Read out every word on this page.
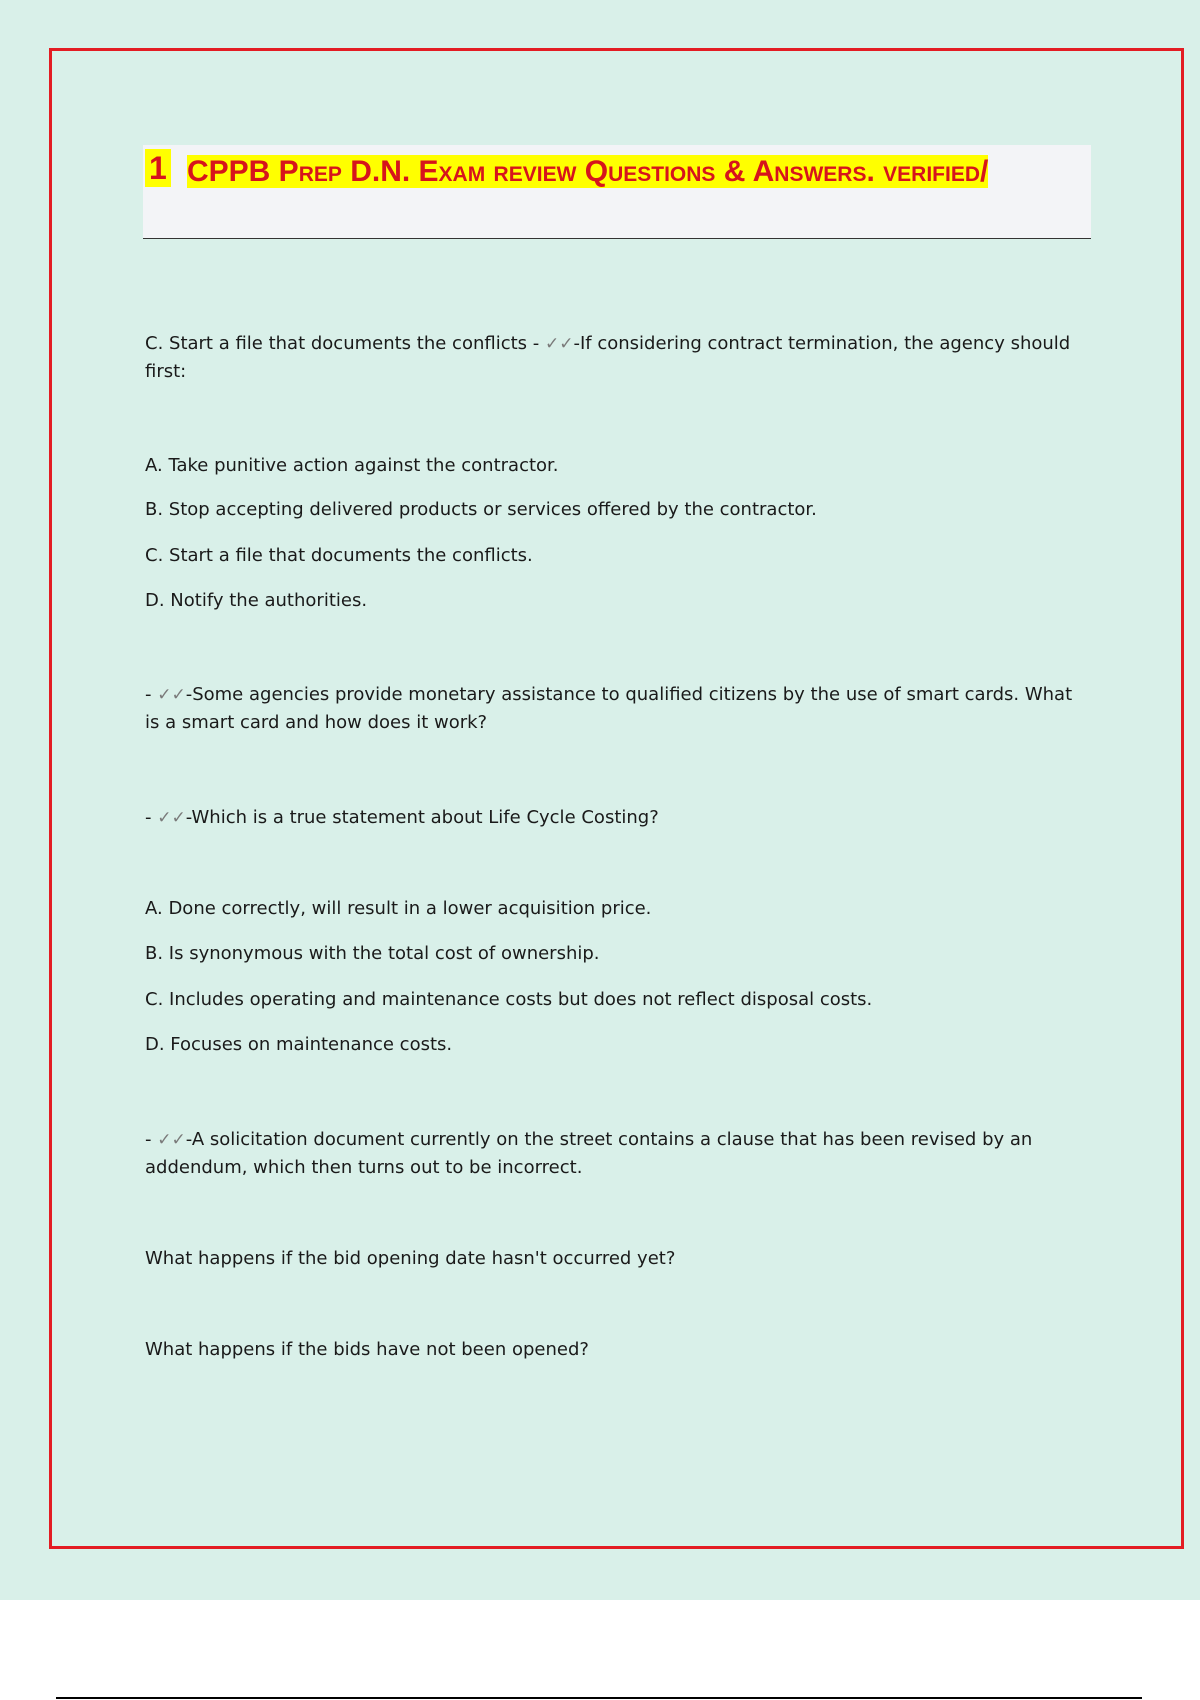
1 CPPB Prep D.N. Exam review Questions & Answers. verified/

C. Start a file that documents the conflicts - ✓✓-If considering contract termination, the agency should first:

A. Take punitive action against the contractor.

B. Stop accepting delivered products or services offered by the contractor.

C. Start a file that documents the conflicts.

D. Notify the authorities.

- ✓✓-Some agencies provide monetary assistance to qualified citizens by the use of smart cards. What is a smart card and how does it work?

- ✓✓-Which is a true statement about Life Cycle Costing?

A. Done correctly, will result in a lower acquisition price.

B. Is synonymous with the total cost of ownership.

C. Includes operating and maintenance costs but does not reflect disposal costs.

D. Focuses on maintenance costs.

- ✓✓-A solicitation document currently on the street contains a clause that has been revised by an addendum, which then turns out to be incorrect.

What happens if the bid opening date hasn't occurred yet?

What happens if the bids have not been opened?
